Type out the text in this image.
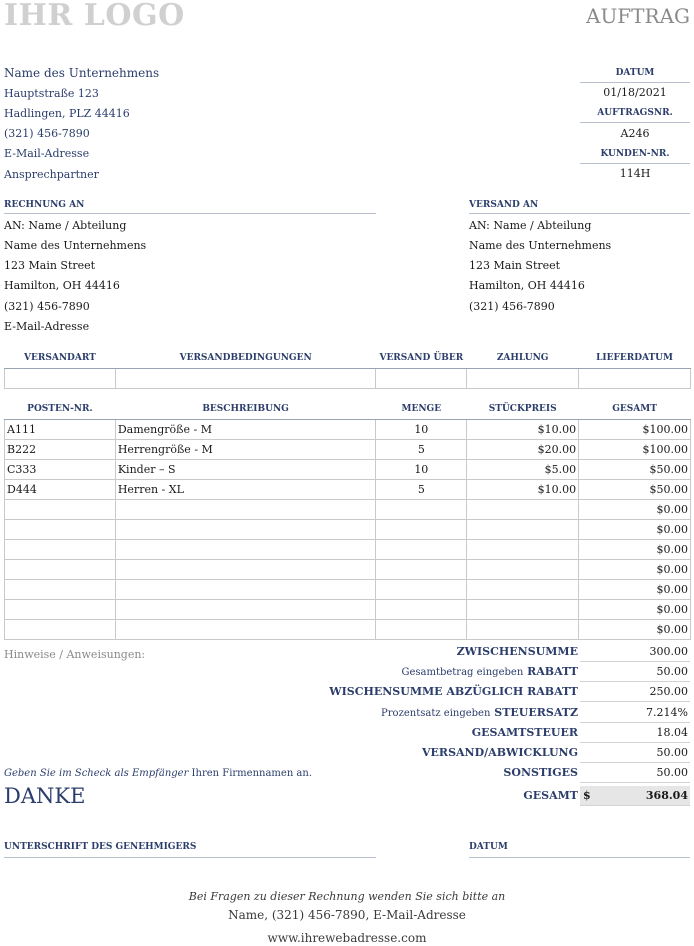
IHR LOGO	AUFTRAG
Name des Unternehmens
Hauptstraße 123
Hadlingen, PLZ 44416
(321) 456-7890
E-Mail-Adresse
Ansprechpartner
DATUM
01/18/2021
AUFTRAGSNR.
A246
KUNDEN-NR.
114H
RECHNUNG AN
AN: Name / Abteilung
Name des Unternehmens
123 Main Street
Hamilton, OH 44416
(321) 456-7890
E-Mail-Adresse
VERSAND AN
AN: Name / Abteilung
Name des Unternehmens
123 Main Street
Hamilton, OH 44416
(321) 456-7890
VERSANDART	VERSANDBEDINGUNGEN	VERSAND ÜBER	ZAHLUNG	LIEFERDATUM

POSTEN-NR.	BESCHREIBUNG	MENGE	STÜCKPREIS	GESAMT
A111	Damengröße - M	10	$10.00	$100.00
B222	Herrengröße - M	5	$20.00	$100.00
C333	Kinder – S	10	$5.00	$50.00
D444	Herren - XL	5	$10.00	$50.00
				$0.00
				$0.00
				$0.00
				$0.00
				$0.00
				$0.00
				$0.00
Hinweise / Anweisungen:	ZWISCHENSUMME	300.00
Gesamtbetrag eingeben RABATT	50.00
WISCHENSUMME ABZÜGLICH RABATT	250.00
Prozentsatz eingeben STEUERSATZ	7.214%
GESAMTSTEUER	18.04
VERSAND/ABWICKLUNG	50.00
SONSTIGES	50.00
GESAMT $	368.04
Geben Sie im Scheck als Empfänger Ihren Firmennamen an.
DANKE
UNTERSCHRIFT DES GENEHMIGERS	DATUM
Bei Fragen zu dieser Rechnung wenden Sie sich bitte an
Name, (321) 456-7890, E-Mail-Adresse
www.ihrewebadresse.com
